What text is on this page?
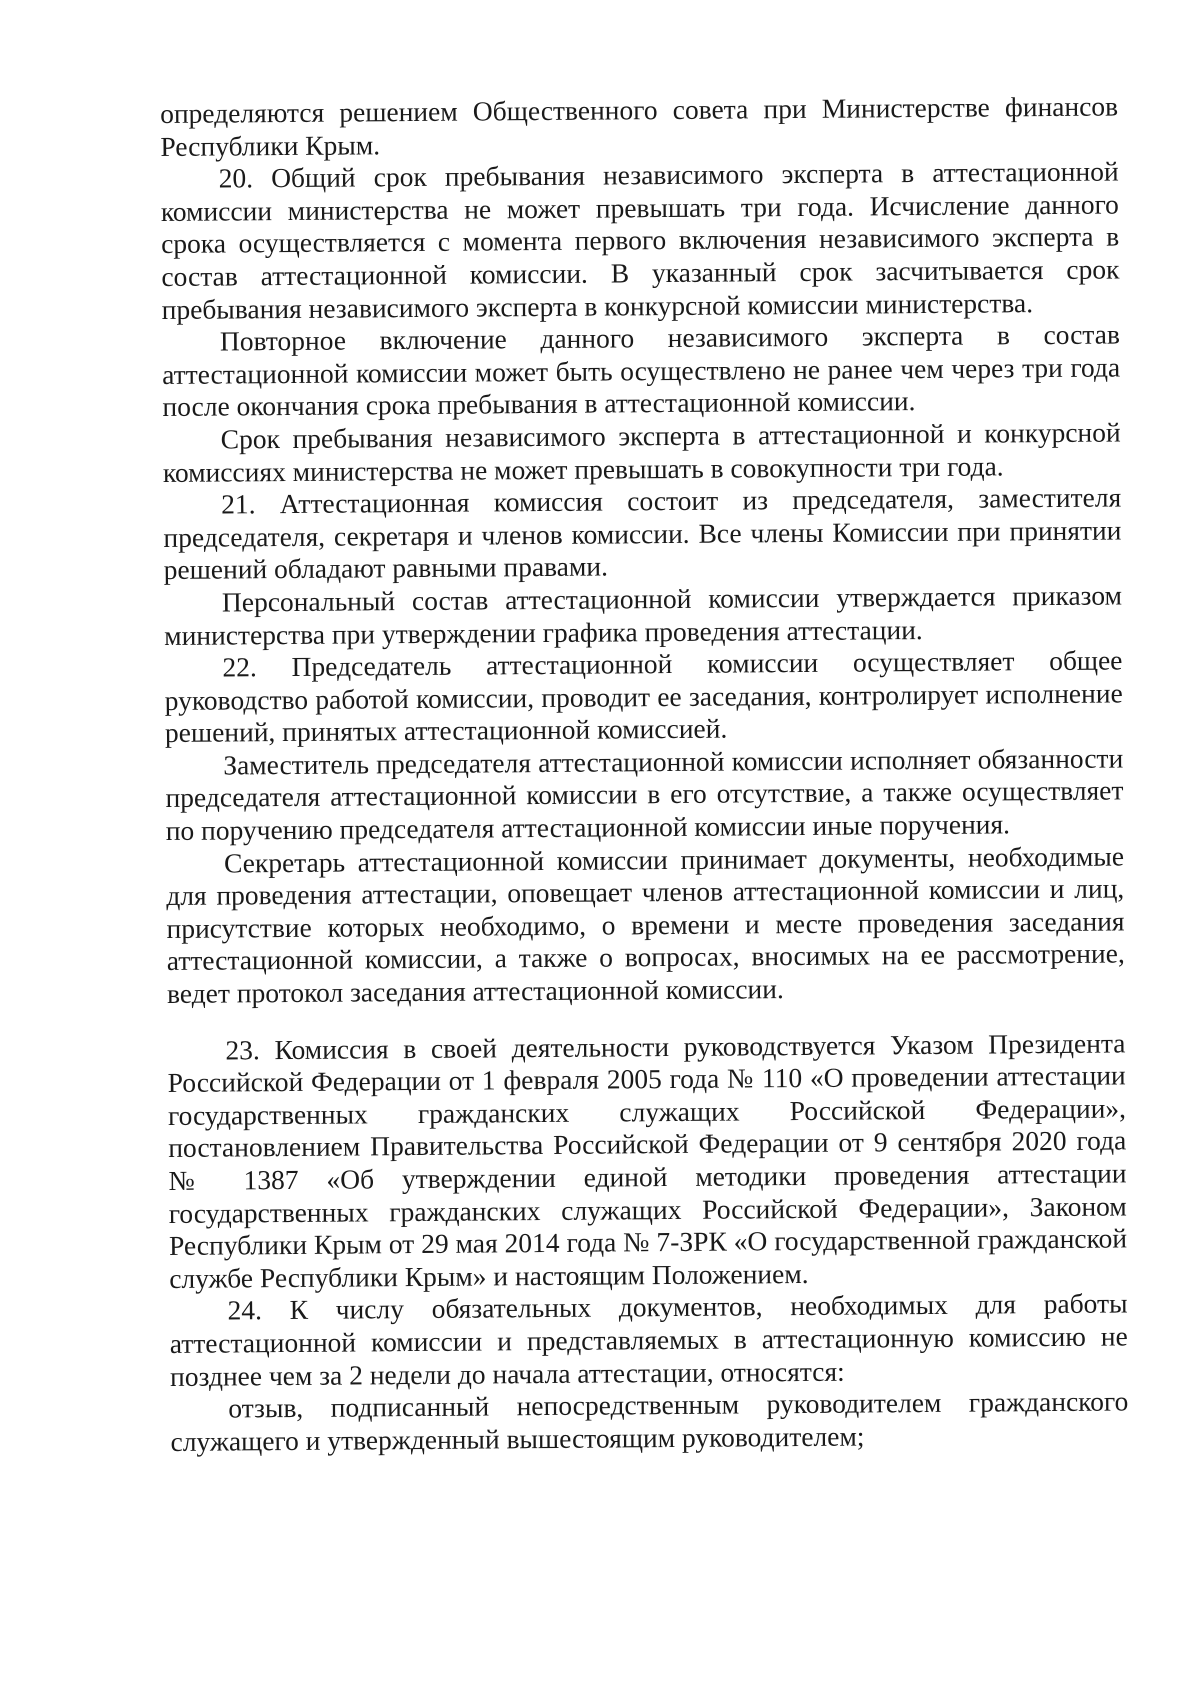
определяются решением Общественного совета при Министерстве финансов Республики Крым.

20. Общий срок пребывания независимого эксперта в аттестационной комиссии министерства не может превышать три года. Исчисление данного срока осуществляется с момента первого включения независимого эксперта в состав аттестационной комиссии. В указанный срок засчитывается срок пребывания независимого эксперта в конкурсной комиссии министерства.

Повторное включение данного независимого эксперта в состав аттестационной комиссии может быть осуществлено не ранее чем через три года после окончания срока пребывания в аттестационной комиссии.

Срок пребывания независимого эксперта в аттестационной и конкурсной комиссиях министерства не может превышать в совокупности три года.

21. Аттестационная комиссия состоит из председателя, заместителя председателя, секретаря и членов комиссии. Все члены Комиссии при принятии решений обладают равными правами.

Персональный состав аттестационной комиссии утверждается приказом министерства при утверждении графика проведения аттестации.

22. Председатель аттестационной комиссии осуществляет общее руководство работой комиссии, проводит ее заседания, контролирует исполнение решений, принятых аттестационной комиссией.

Заместитель председателя аттестационной комиссии исполняет обязанности председателя аттестационной комиссии в его отсутствие, а также осуществляет по поручению председателя аттестационной комиссии иные поручения.

Секретарь аттестационной комиссии принимает документы, необходимые для проведения аттестации, оповещает членов аттестационной комиссии и лиц, присутствие которых необходимо, о времени и месте проведения заседания аттестационной комиссии, а также о вопросах, вносимых на ее рассмотрение, ведет протокол заседания аттестационной комиссии.

23. Комиссия в своей деятельности руководствуется Указом Президента Российской Федерации от 1 февраля 2005 года № 110 «О проведении аттестации государственных гражданских служащих Российской Федерации», постановлением Правительства Российской Федерации от 9 сентября 2020 года № 1387 «Об утверждении единой методики проведения аттестации государственных гражданских служащих Российской Федерации», Законом Республики Крым от 29 мая 2014 года № 7-ЗРК «О государственной гражданской службе Республики Крым» и настоящим Положением.

24. К числу обязательных документов, необходимых для работы аттестационной комиссии и представляемых в аттестационную комиссию не позднее чем за 2 недели до начала аттестации, относятся:

отзыв, подписанный непосредственным руководителем гражданского служащего и утвержденный вышестоящим руководителем;
